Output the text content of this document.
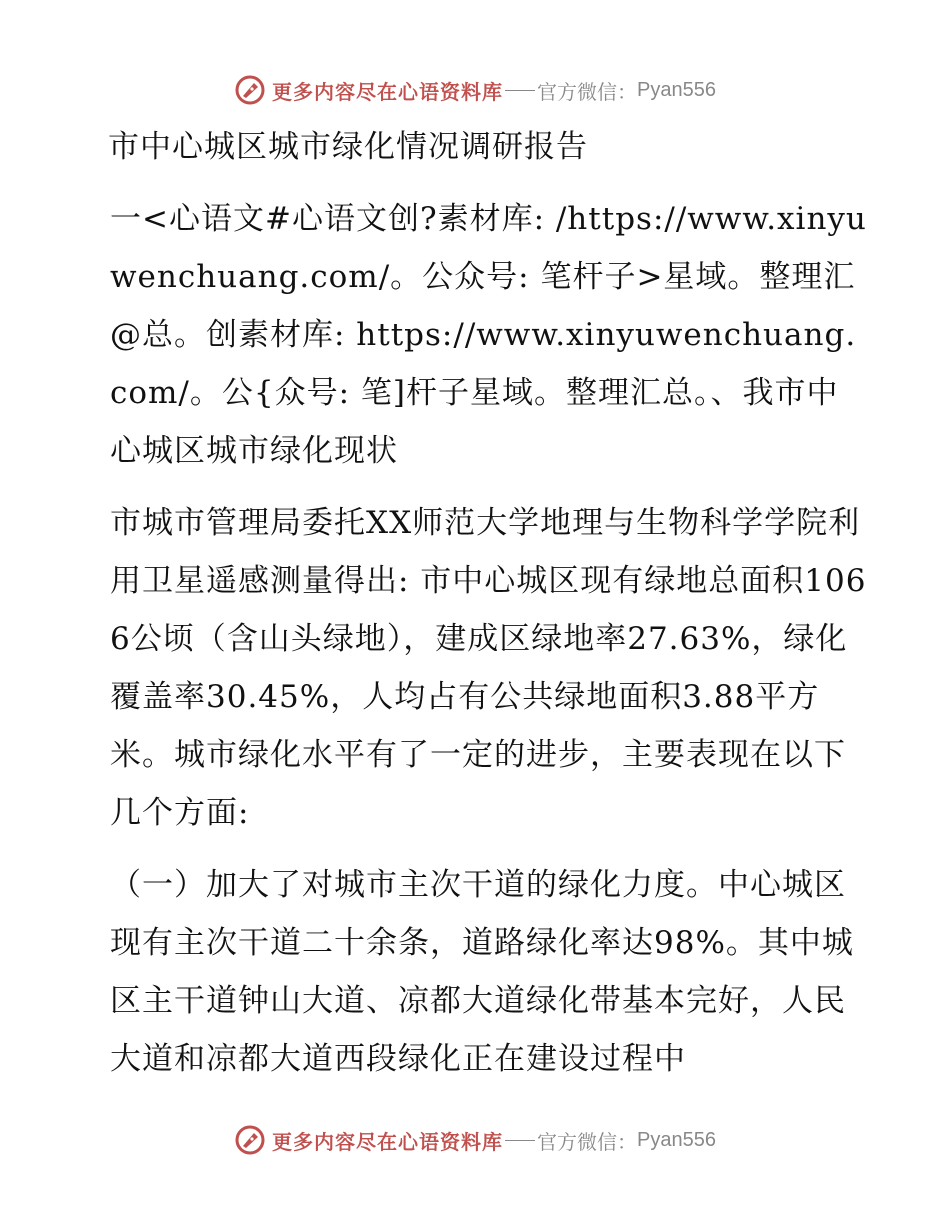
更多内容尽在心语资料库 官方微信： Pyan556

市中心城区城市绿化情况调研报告

一<心语文#心语文创?素材库: /https://www.xinyuwenchuang.com/。公众号: 笔杆子>星域。整理汇@总。创素材库: https://www.xinyuwenchuang.com/。公{众号: 笔]杆子星域。整理汇总。、我市中心城区城市绿化现状

市城市管理局委托XX师范大学地理与生物科学学院利用卫星遥感测量得出: 市中心城区现有绿地总面积1066公顷（含山头绿地），建成区绿地率27.63%，绿化覆盖率30.45%，人均占有公共绿地面积3.88平方米。城市绿化水平有了一定的进步，主要表现在以下几个方面:

（一）加大了对城市主次干道的绿化力度。中心城区现有主次干道二十余条，道路绿化率达98%。其中城区主干道钟山大道、凉都大道绿化带基本完好，人民大道和凉都大道西段绿化正在建设过程中

更多内容尽在心语资料库 官方微信： Pyan556
